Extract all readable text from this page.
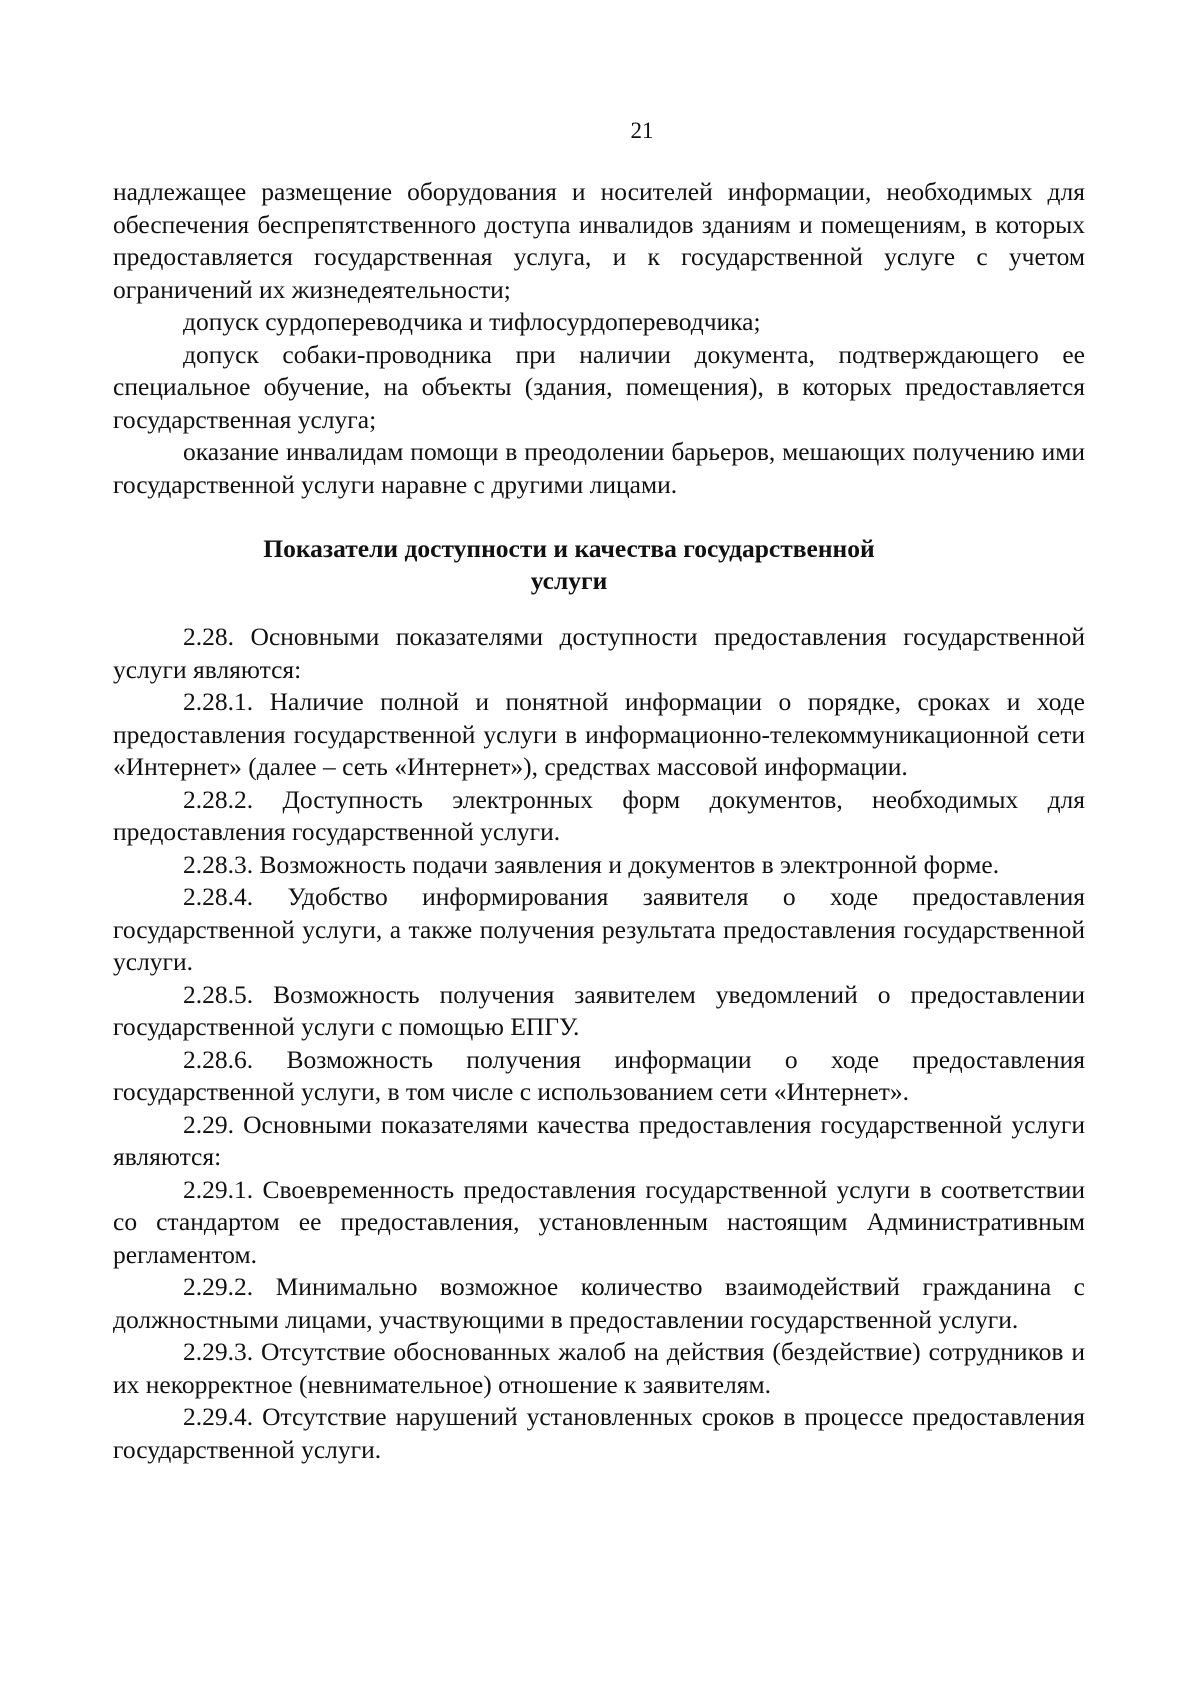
21

надлежащее размещение оборудования и носителей информации, необходимых для обеспечения беспрепятственного доступа инвалидов зданиям и помещениям, в которых предоставляется государственная услуга, и к государственной услуге с учетом ограничений их жизнедеятельности;

допуск сурдопереводчика и тифлосурдопереводчика;

допуск собаки-проводника при наличии документа, подтверждающего ее специальное обучение, на объекты (здания, помещения), в которых предоставляется государственная услуга;

оказание инвалидам помощи в преодолении барьеров, мешающих получению ими государственной услуги наравне с другими лицами.

Показатели доступности и качества государственной услуги

2.28. Основными показателями доступности предоставления государственной услуги являются:

2.28.1. Наличие полной и понятной информации о порядке, сроках и ходе предоставления государственной услуги в информационно-телекоммуникационной сети «Интернет» (далее – сеть «Интернет»), средствах массовой информации.

2.28.2. Доступность электронных форм документов, необходимых для предоставления государственной услуги.

2.28.3. Возможность подачи заявления и документов в электронной форме.

2.28.4. Удобство информирования заявителя о ходе предоставления государственной услуги, а также получения результата предоставления государственной услуги.

2.28.5. Возможность получения заявителем уведомлений о предоставлении государственной услуги с помощью ЕПГУ.

2.28.6. Возможность получения информации о ходе предоставления государственной услуги, в том числе с использованием сети «Интернет».

2.29. Основными показателями качества предоставления государственной услуги являются:

2.29.1. Своевременность предоставления государственной услуги в соответствии со стандартом ее предоставления, установленным настоящим Административным регламентом.

2.29.2. Минимально возможное количество взаимодействий гражданина с должностными лицами, участвующими в предоставлении государственной услуги.

2.29.3. Отсутствие обоснованных жалоб на действия (бездействие) сотрудников и их некорректное (невнимательное) отношение к заявителям.

2.29.4. Отсутствие нарушений установленных сроков в процессе предоставления государственной услуги.
